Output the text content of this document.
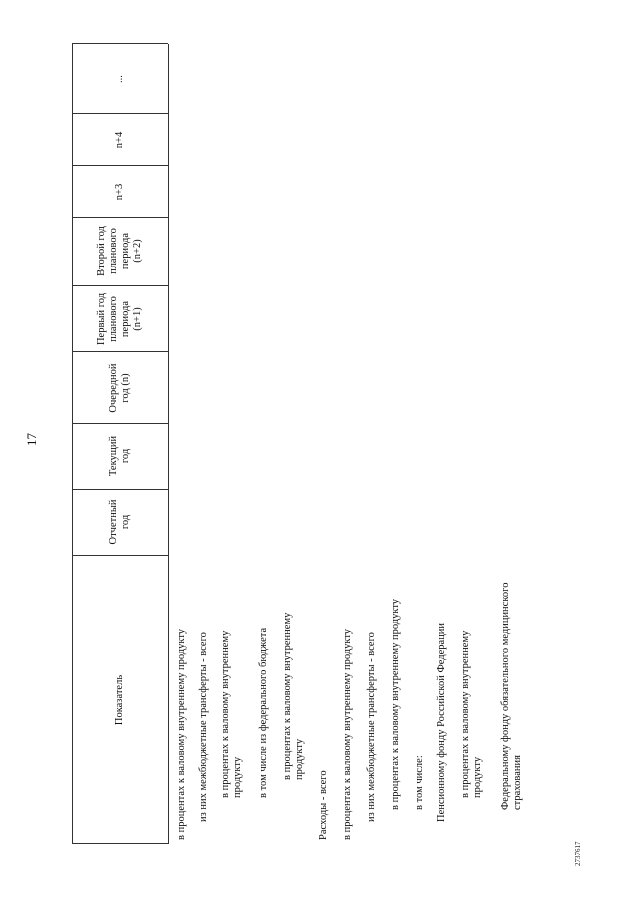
17
2737617
Показатель
Отчетный год
Текущий год
Очередной год (n)
Первый год планового периода (n+1)
Второй год планового периода (n+2)
n+3
n+4
...
в процентах к валовому внутреннему продукту из них межбюджетные трансферты - всего в процентах к валовому внутреннему продукту в том числе из федерального бюджета в процентах к валовому внутреннему продукту
Расходы - всего в процентах к валовому внутреннему продукту из них межбюджетные трансферты - всего в процентах к валовому внутреннему продукту в том числе: Пенсионному фонду Российской Федерации в процентах к валовому внутреннему продукту Федеральному фонду обязательного медицинского страхования
